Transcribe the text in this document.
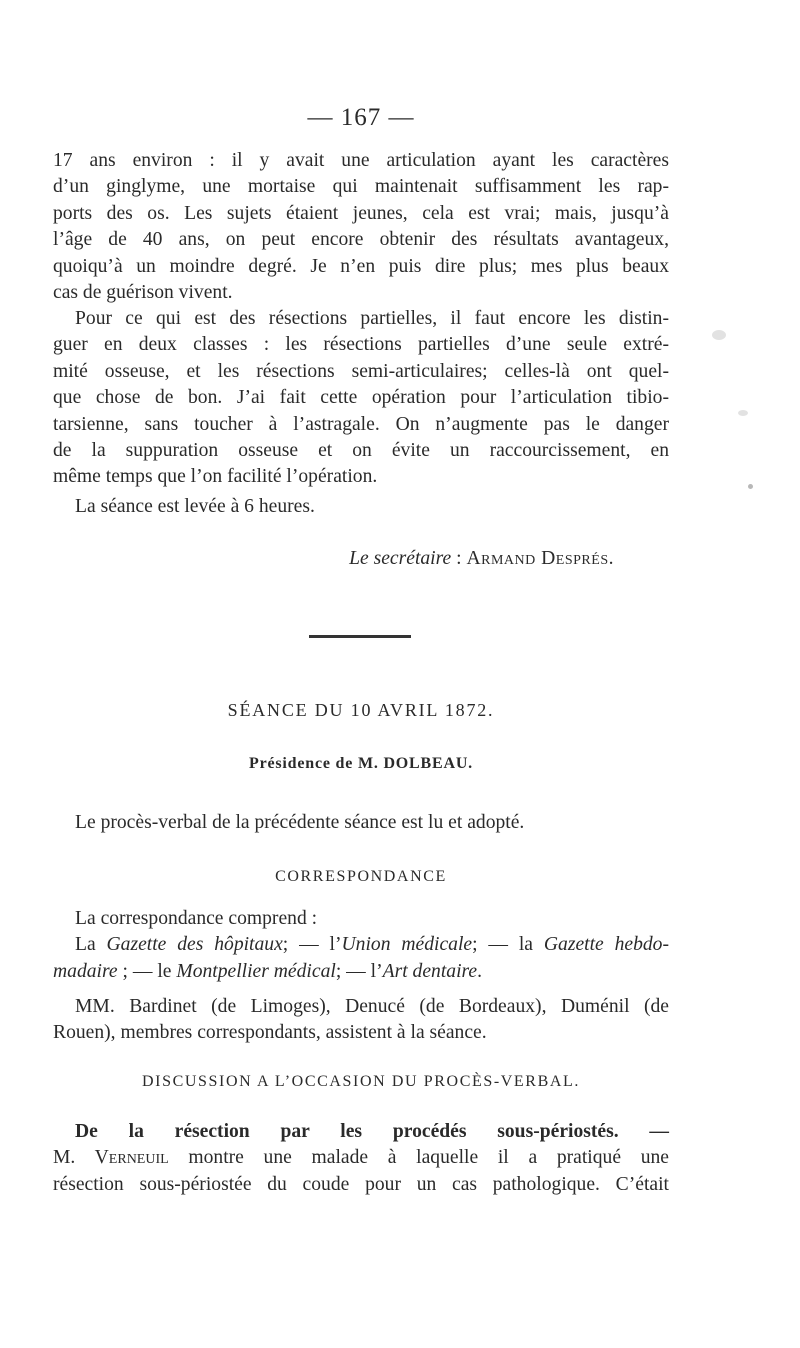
— 167 —

17 ans environ : il y avait une articulation ayant les caractères

d’un ginglyme, une mortaise qui maintenait suffisamment les rap-

ports des os. Les sujets étaient jeunes, cela est vrai; mais, jusqu’à

l’âge de 40 ans, on peut encore obtenir des résultats avantageux,

quoiqu’à un moindre degré. Je n’en puis dire plus; mes plus beaux

cas de guérison vivent.

Pour ce qui est des résections partielles, il faut encore les distin-

guer en deux classes : les résections partielles d’une seule extré-

mité osseuse, et les résections semi-articulaires; celles-là ont quel-

que chose de bon. J’ai fait cette opération pour l’articulation tibio-

tarsienne, sans toucher à l’astragale. On n’augmente pas le danger

de la suppuration osseuse et on évite un raccourcissement, en

même temps que l’on facilité l’opération.

La séance est levée à 6 heures.

Le secrétaire : Armand Després.
SÉANCE DU 10 AVRIL 1872.
Présidence de M. DOLBEAU.
Le procès-verbal de la précédente séance est lu et adopté.
CORRESPONDANCE

La correspondance comprend :

La Gazette des hôpitaux; — l’Union médicale; — la Gazette hebdo-

madaire ; — le Montpellier médical; — l’Art dentaire.

MM. Bardinet (de Limoges), Denucé (de Bordeaux), Duménil (de

Rouen), membres correspondants, assistent à la séance.

DISCUSSION A L’OCCASION DU PROCÈS-VERBAL.

De la résection par les procédés sous-périostés. —

M. Verneuil montre une malade à laquelle il a pratiqué une

résection sous-périostée du coude pour un cas pathologique. C’était
